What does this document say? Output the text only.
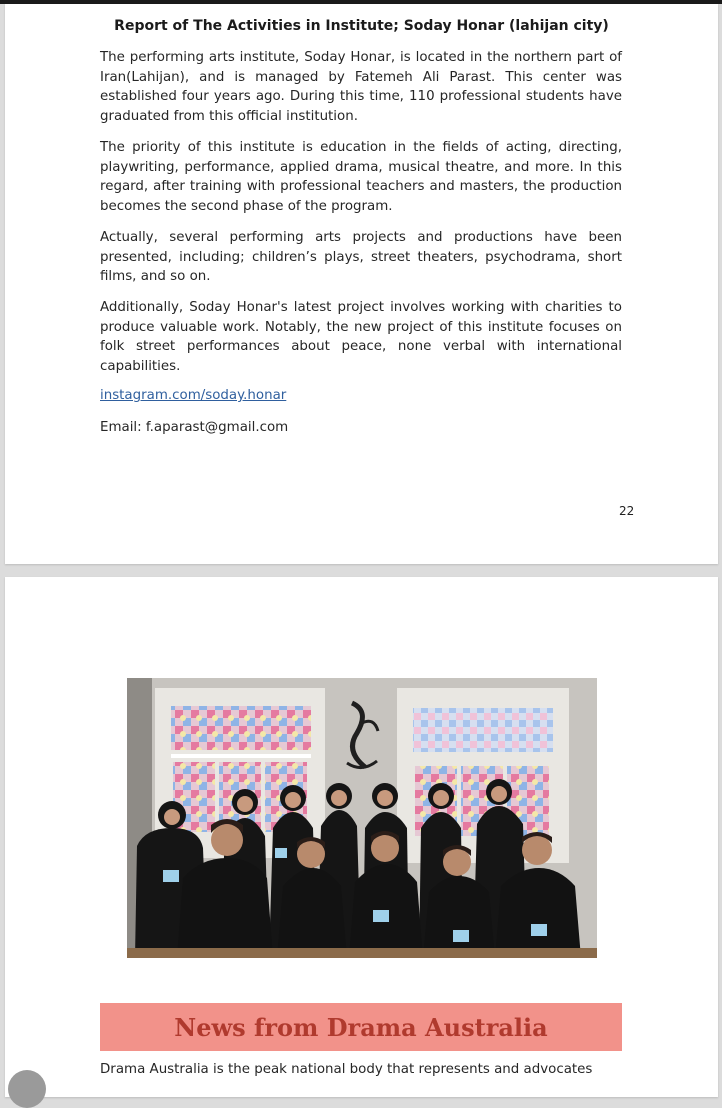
Report of The Activities in Institute; Soday Honar (lahijan city)

The performing arts institute, Soday Honar, is located in the northern part of Iran(Lahijan), and is managed by Fatemeh Ali Parast. This center was established four years ago. During this time, 110 professional students have graduated from this official institution.

The priority of this institute is education in the fields of acting, directing, playwriting, performance, applied drama, musical theatre, and more. In this regard, after training with professional teachers and masters, the production becomes the second phase of the program.

Actually, several performing arts projects and productions have been presented, including; children’s plays, street theaters, psychodrama, short films, and so on.

Additionally, Soday Honar's latest project involves working with charities to produce valuable work. Notably, the new project of this institute focuses on folk street performances about peace, none verbal with international capabilities.

instagram.com/soday.honar
Email: f.aparast@gmail.com
22
News from Drama Australia
Drama Australia is the peak national body that represents and advocates
